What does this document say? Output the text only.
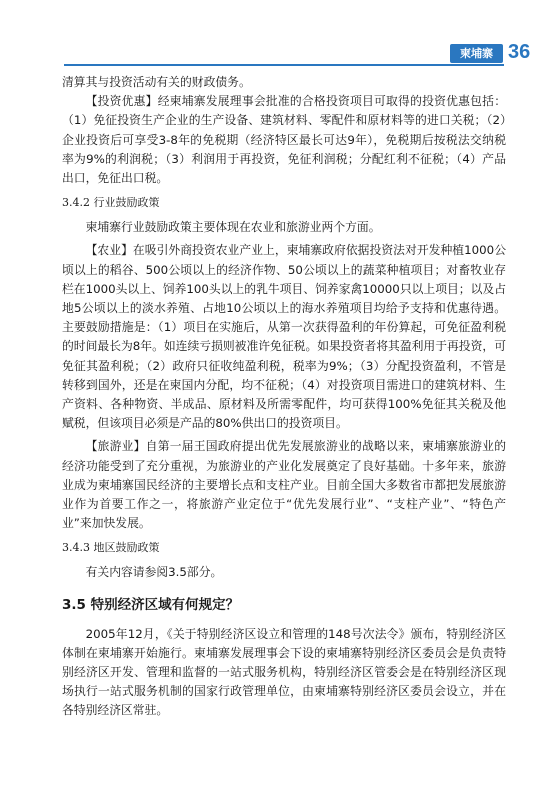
柬埔寨 36

清算其与投资活动有关的财政债务。

【投资优惠】经柬埔寨发展理事会批准的合格投资项目可取得的投资优惠包括：（1）免征投资生产企业的生产设备、建筑材料、零配件和原材料等的进口关税；（2）企业投资后可享受3-8年的免税期（经济特区最长可达9年），免税期后按税法交纳税率为9%的利润税；（3）利润用于再投资，免征利润税；分配红利不征税；（4）产品出口，免征出口税。

3.4.2 行业鼓励政策

柬埔寨行业鼓励政策主要体现在农业和旅游业两个方面。

【农业】在吸引外商投资农业产业上，柬埔寨政府依据投资法对开发种植1000公顷以上的稻谷、500公顷以上的经济作物、50公顷以上的蔬菜种植项目；对畜牧业存栏在1000头以上、饲养100头以上的乳牛项目、饲养家禽10000只以上项目；以及占地5公顷以上的淡水养殖、占地10公顷以上的海水养殖项目均给予支持和优惠待遇。主要鼓励措施是：（1）项目在实施后，从第一次获得盈利的年份算起，可免征盈利税的时间最长为8年。如连续亏损则被准许免征税。如果投资者将其盈利用于再投资，可免征其盈利税；（2）政府只征收纯盈利税，税率为9%；（3）分配投资盈利，不管是转移到国外，还是在柬国内分配，均不征税；（4）对投资项目需进口的建筑材料、生产资料、各种物资、半成品、原材料及所需零配件，均可获得100%免征其关税及他赋税，但该项目必须是产品的80%供出口的投资项目。

【旅游业】自第一届王国政府提出优先发展旅游业的战略以来，柬埔寨旅游业的经济功能受到了充分重视，为旅游业的产业化发展奠定了良好基础。十多年来，旅游业成为柬埔寨国民经济的主要增长点和支柱产业。目前全国大多数省市都把发展旅游业作为首要工作之一，将旅游产业定位于“优先发展行业”、“支柱产业”、“特色产业”来加快发展。

3.4.3 地区鼓励政策

有关内容请参阅3.5部分。

3.5 特别经济区域有何规定？

2005年12月，《关于特别经济区设立和管理的148号次法令》颁布，特别经济区体制在柬埔寨开始施行。柬埔寨发展理事会下设的柬埔寨特别经济区委员会是负责特别经济区开发、管理和监督的一站式服务机构，特别经济区管委会是在特别经济区现场执行一站式服务机制的国家行政管理单位，由柬埔寨特别经济区委员会设立，并在各特别经济区常驻。
